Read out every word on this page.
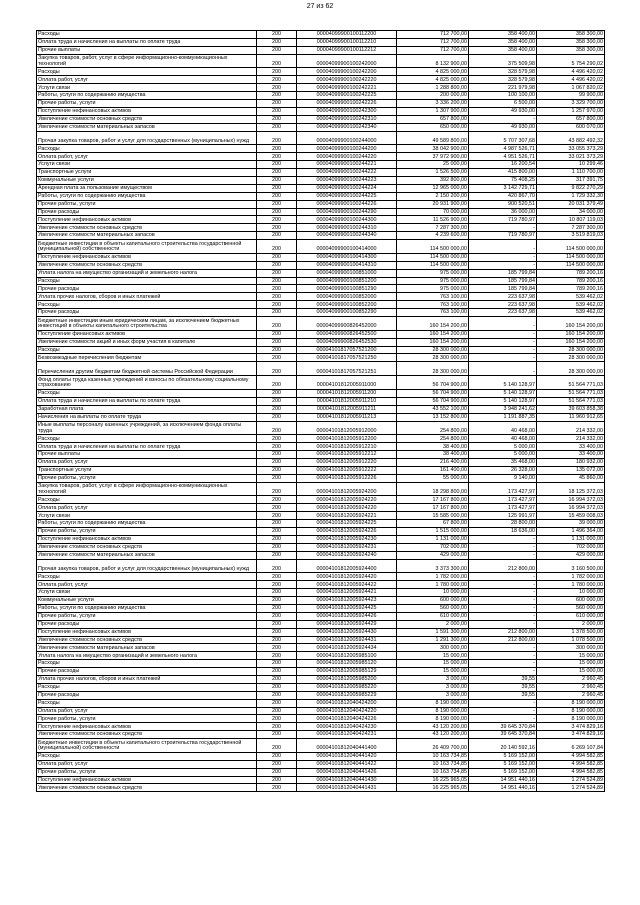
27 из 62
Расходы	200	00004099900100112200	712 700,00	358 400,00	358 300,00
Оплата труда и начисления на выплаты по оплате труда	200	00004099900100112210	712 700,00	358 400,00	358 300,00
Прочие выплаты	200	00004099900100112212	712 700,00	358 400,00	358 300,00
Закупка товаров, работ, услуг в сфере информационно-коммуникационных технологий	200	00004099900100242000	8 132 900,00	375 509,98	5 754 290,02
Расходы	200	00004099900100242200	4 825 000,00	328 579,98	4 496 420,02
Оплата работ, услуг	200	00004099900100242220	4 825 000,00	328 579,98	4 496 420,02
Услуги связи	200	00004099900100242221	1 288 800,00	221 979,98	1 067 820,02
Работы, услуги по содержанию имущества	200	00004099900100242225	200 000,00	100 100,00	99 900,00
Прочие работы, услуги	200	00004099900100242226	3 336 200,00	6 500,00	3 329 700,00
Поступление нефинансовых активов	200	00004099900100242300	1 307 900,00	49 930,00	1 257 970,00
Увеличение стоимости основных средств	200	00004099900100242310	657 800,00	-	657 800,00
Увеличение стоимости материальных запасов	200	00004099900100242340	650 000,00	49 930,00	600 070,00
Прочая закупка товаров, работ и услуг для государственных (муниципальных) нужд	200	00004099900100244000	49 589 800,00	5 707 307,68	43 882 492,32
Расходы	200	00004099900100244200	38 042 900,00	4 987 526,71	33 055 373,29
Оплата работ, услуг	200	00004099900100244220	37 972 900,00	4 951 526,71	33 021 373,29
Услуги связи	200	00004099900100244221	25 000,00	16 200,54	10 299,46
Транспортные услуги	200	00004099900100244222	1 526 500,00	415 800,00	1 110 700,00
Коммунальные услуги	200	00004099900100244223	392 800,00	75 408,25	317 391,75
Арендная плата за пользование имуществом	200	00004099900100244224	12 965 000,00	3 142 729,71	9 822 270,29
Работы, услуги по содержанию имущества	200	00004099900100244225	2 150 200,00	420 867,70	1 729 332,30
Прочие работы, услуги	200	00004099900100244226	20 931 900,00	900 520,51	20 031 379,49
Прочие расходы	200	00004099900100244290	70 000,00	36 000,00	34 000,00
Поступление нефинансовых активов	200	00004099900100244300	11 526 900,00	719 780,97	10 807 119,03
Увеличение стоимости основных средств	200	00004099900100244310	7 287 300,00	-	7 287 300,00
Увеличение стоимости материальных запасов	200	00004099900100244340	4 239 600,00	719 780,97	3 519 819,03
Бюджетные инвестиции в объекты капитального строительства государственной (муниципальной) собственности	200	00004099900100414000	114 500 000,00	-	114 500 000,00
Поступление нефинансовых активов	200	00004099900100414300	114 500 000,00	-	114 500 000,00
Увеличение стоимости основных средств	200	00004099900100414310	114 500 000,00	-	114 500 000,00
Уплата налога на имущество организаций и земельного налога	200	00004099900100851000	975 000,00	185 799,84	789 200,16
Расходы	200	00004099900100851200	975 000,00	185 799,84	789 200,16
Прочие расходы	200	00004099900100851290	975 000,00	185 799,84	789 200,16
Уплата прочих налогов, сборов и иных платежей	200	00004099900100852000	763 100,00	223 637,98	539 462,02
Расходы	200	00004099900100852200	763 100,00	223 637,98	539 462,02
Прочие расходы	200	00004099900100852290	763 100,00	223 637,98	539 462,02
Бюджетные инвестиции иным юридическим лицам, за исключением бюджетных инвестиций в объекты капитального строительства	200	00004099900826452000	160 154 200,00	-	160 154 200,00
Поступление финансовых активов	200	00004099900826452500	160 154 200,00	-	160 154 200,00
Увеличение стоимости акций и иных форм участия в капитале	200	00004099900826452530	160 154 200,00	-	160 154 200,00
Расходы	200	00004101817057521200	28 300 000,00	-	28 300 000,00
Безвозмездные перечисления бюджетам	200	00004101817057521250	28 300 000,00	-	28 300 000,00
Перечисления другим бюджетам бюджетной системы Российской Федерации	200	00004101817057521251	28 300 000,00	-	28 300 000,00
Фонд оплаты труда казенных учреждений и взносы по обязательному социальному страхованию	200	00004101812005911000	56 704 900,00	5 140 128,97	51 564 771,03
Расходы	200	00004101812005911200	56 704 900,00	5 140 128,97	51 564 771,03
Оплата труда и начисления на выплаты по оплате труда	200	00004101812005911210	56 704 900,00	5 140 128,97	51 564 771,03
Заработная плата	200	00004101812005911211	43 552 100,00	3 948 241,62	39 603 858,38
Начисления на выплаты по оплате труда	200	00004101812005911213	13 152 800,00	1 191 887,35	11 960 912,65
Иные выплаты персоналу казенных учреждений, за исключением фонда оплаты труда	200	00004101812005912000	254 800,00	40 468,00	214 332,00
Расходы	200	00004101812005912200	254 800,00	40 468,00	214 332,00
Оплата труда и начисления на выплаты по оплате труда	200	00004101812005912210	38 400,00	5 000,00	33 400,00
Прочие выплаты	200	00004101812005912212	38 400,00	5 000,00	33 400,00
Оплата работ, услуг	200	00004101812005912220	216 400,00	35 468,00	180 932,00
Транспортные услуги	200	00004101812005912222	161 400,00	26 328,00	135 072,00
Прочие работы, услуги	200	00004101812005912226	55 000,00	9 140,00	45 860,00
Закупка товаров, работ, услуг в сфере информационно-коммуникационных технологий	200	00004101812005924200	18 298 800,00	173 427,97	18 125 372,03
Расходы	200	00004101812005924220	17 167 800,00	173 427,97	16 994 372,03
Оплата работ, услуг	200	00004101812005924220	17 167 800,00	173 427,97	16 994 372,03
Услуги связи	200	00004101812005924221	15 585 000,00	125 991,97	15 459 008,03
Работы, услуги по содержанию имущества	200	00004101812005924225	67 800,00	28 800,00	39 000,00
Прочие работы, услуги	200	00004101812005924226	1 515 000,00	18 636,00	1 496 364,00
Поступление нефинансовых активов	200	00004101812005924230	1 131 000,00	-	1 131 000,00
Увеличение стоимости основных средств	200	00004101812005924231	702 000,00	-	702 000,00
Увеличение стоимости материальных запасов	200	00004101812005924240	429 000,00	-	429 000,00
Прочая закупка товаров, работ и услуг для государственных (муниципальных) нужд	200	00004101812005924400	3 373 300,00	212 800,00	3 160 500,00
Расходы	200	00004101812005924420	1 782 000,00	-	1 782 000,00
Оплата работ, услуг	200	00004101812005924422	1 780 000,00	-	1 780 000,00
Услуги связи	200	00004101812005924421	10 000,00	-	10 000,00
Коммунальные услуги	200	00004101812005924423	600 000,00	-	600 000,00
Работы, услуги по содержанию имущества	200	00004101812005924425	560 000,00	-	560 000,00
Прочие работы, услуги	200	00004101812005924426	610 000,00	-	610 000,00
Прочие расходы	200	00004101812005924429	2 000,00	-	2 000,00
Поступление нефинансовых активов	200	00004101812005924430	1 591 300,00	212 800,00	1 378 500,00
Увеличение стоимости основных средств	200	00004101812005924431	1 291 300,00	212 800,00	1 078 500,00
Увеличение стоимости материальных запасов	200	00004101812005924434	300 000,00	-	300 000,00
Уплата налога на имущество организаций и земельного налога	200	00004101812005985100	15 000,00	-	15 000,00
Расходы	200	00004101812005985120	15 000,00	-	15 000,00
Прочие расходы	200	00004101812005985129	15 000,00	-	15 000,00
Уплата прочих налогов, сборов и иных платежей	200	00004101812005985200	3 000,00	39,55	2 960,45
Расходы	200	00004101812005985220	3 000,00	39,55	2 960,45
Прочие расходы	200	00004101812005985229	3 000,00	39,55	2 960,45
Расходы	200	00004101812040424200	8 190 000,00	-	8 190 000,00
Оплата работ, услуг	200	00004101812040424220	8 190 000,00	-	8 190 000,00
Прочие работы, услуги	200	00004101812040424226	8 190 000,00	-	8 190 000,00
Поступление нефинансовых активов	200	00004101812040424230	43 120 200,00	39 645 370,84	3 474 829,16
Увеличение стоимости основных средств	200	00004101812040424231	43 120 200,00	39 645 370,84	3 474 829,16
Бюджетные инвестиции в объекты капитального строительства государственной (муниципальной) собственности	200	00004101812040441400	26 409 700,00	20 140 592,16	6 269 107,84
Расходы	200	00004101812040441420	10 163 734,85	5 169 152,00	4 994 582,85
Оплата работ, услуг	200	00004101812040441422	10 163 734,85	5 169 152,00	4 994 582,85
Прочие работы, услуги	200	00004101812040441426	10 163 734,85	5 169 152,00	4 994 582,85
Поступление нефинансовых активов	200	00004101812040441430	16 225 965,05	14 951 440,16	1 274 524,89
Увеличение стоимости основных средств	200	00004101812040441431	16 225 965,05	14 951 440,16	1 274 524,89
